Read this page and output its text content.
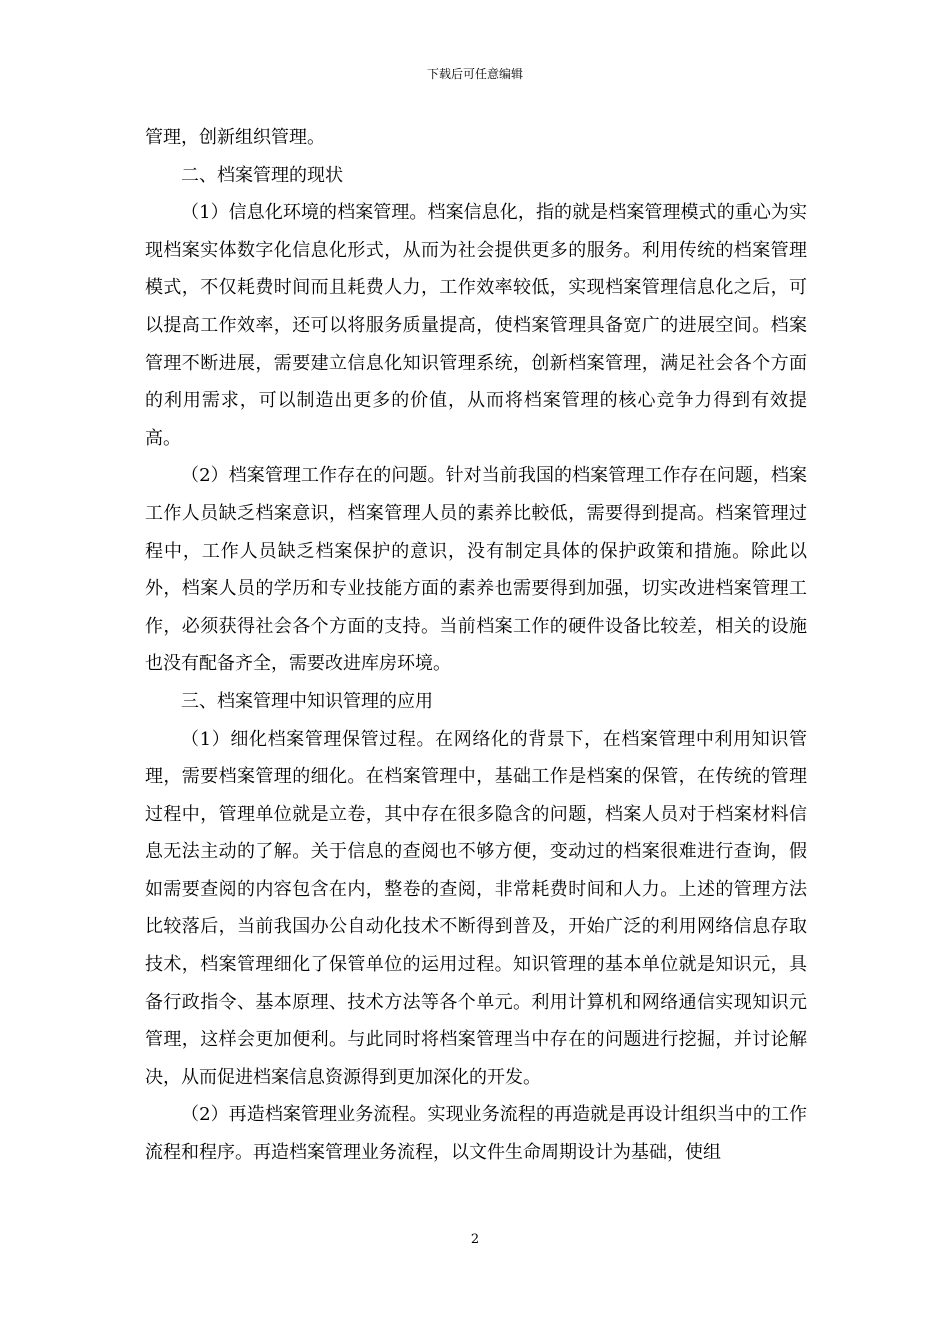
下载后可任意编辑

管理，创新组织管理。

二、档案管理的现状

（1）信息化环境的档案管理。档案信息化，指的就是档案管理模式的重心为实现档案实体数字化信息化形式，从而为社会提供更多的服务。利用传统的档案管理模式，不仅耗费时间而且耗费人力，工作效率较低，实现档案管理信息化之后，可以提高工作效率，还可以将服务质量提高，使档案管理具备宽广的进展空间。档案管理不断进展，需要建立信息化知识管理系统，创新档案管理，满足社会各个方面的利用需求，可以制造出更多的价值，从而将档案管理的核心竞争力得到有效提高。

（2）档案管理工作存在的问题。针对当前我国的档案管理工作存在问题，档案工作人员缺乏档案意识，档案管理人员的素养比較低，需要得到提高。档案管理过程中，工作人员缺乏档案保护的意识，没有制定具体的保护政策和措施。除此以外，档案人员的学历和专业技能方面的素养也需要得到加强，切实改进档案管理工作，必须获得社会各个方面的支持。当前档案工作的硬件设备比较差，相关的设施也没有配备齐全，需要改进库房环境。

三、档案管理中知识管理的应用

（1）细化档案管理保管过程。在网络化的背景下，在档案管理中利用知识管理，需要档案管理的细化。在档案管理中，基础工作是档案的保管，在传统的管理过程中，管理单位就是立卷，其中存在很多隐含的问题，档案人员对于档案材料信息无法主动的了解。关于信息的查阅也不够方便，变动过的档案很难进行查询，假如需要查阅的内容包含在内，整卷的查阅，非常耗费时间和人力。上述的管理方法比较落后，当前我国办公自动化技术不断得到普及，开始广泛的利用网络信息存取技术，档案管理细化了保管单位的运用过程。知识管理的基本单位就是知识元，具备行政指令、基本原理、技术方法等各个单元。利用计算机和网络通信实现知识元管理，这样会更加便利。与此同时将档案管理当中存在的问题进行挖掘，并讨论解决，从而促进档案信息资源得到更加深化的开发。

（2）再造档案管理业务流程。实现业务流程的再造就是再设计组织当中的工作流程和程序。再造档案管理业务流程，以文件生命周期设计为基础，使组

2
